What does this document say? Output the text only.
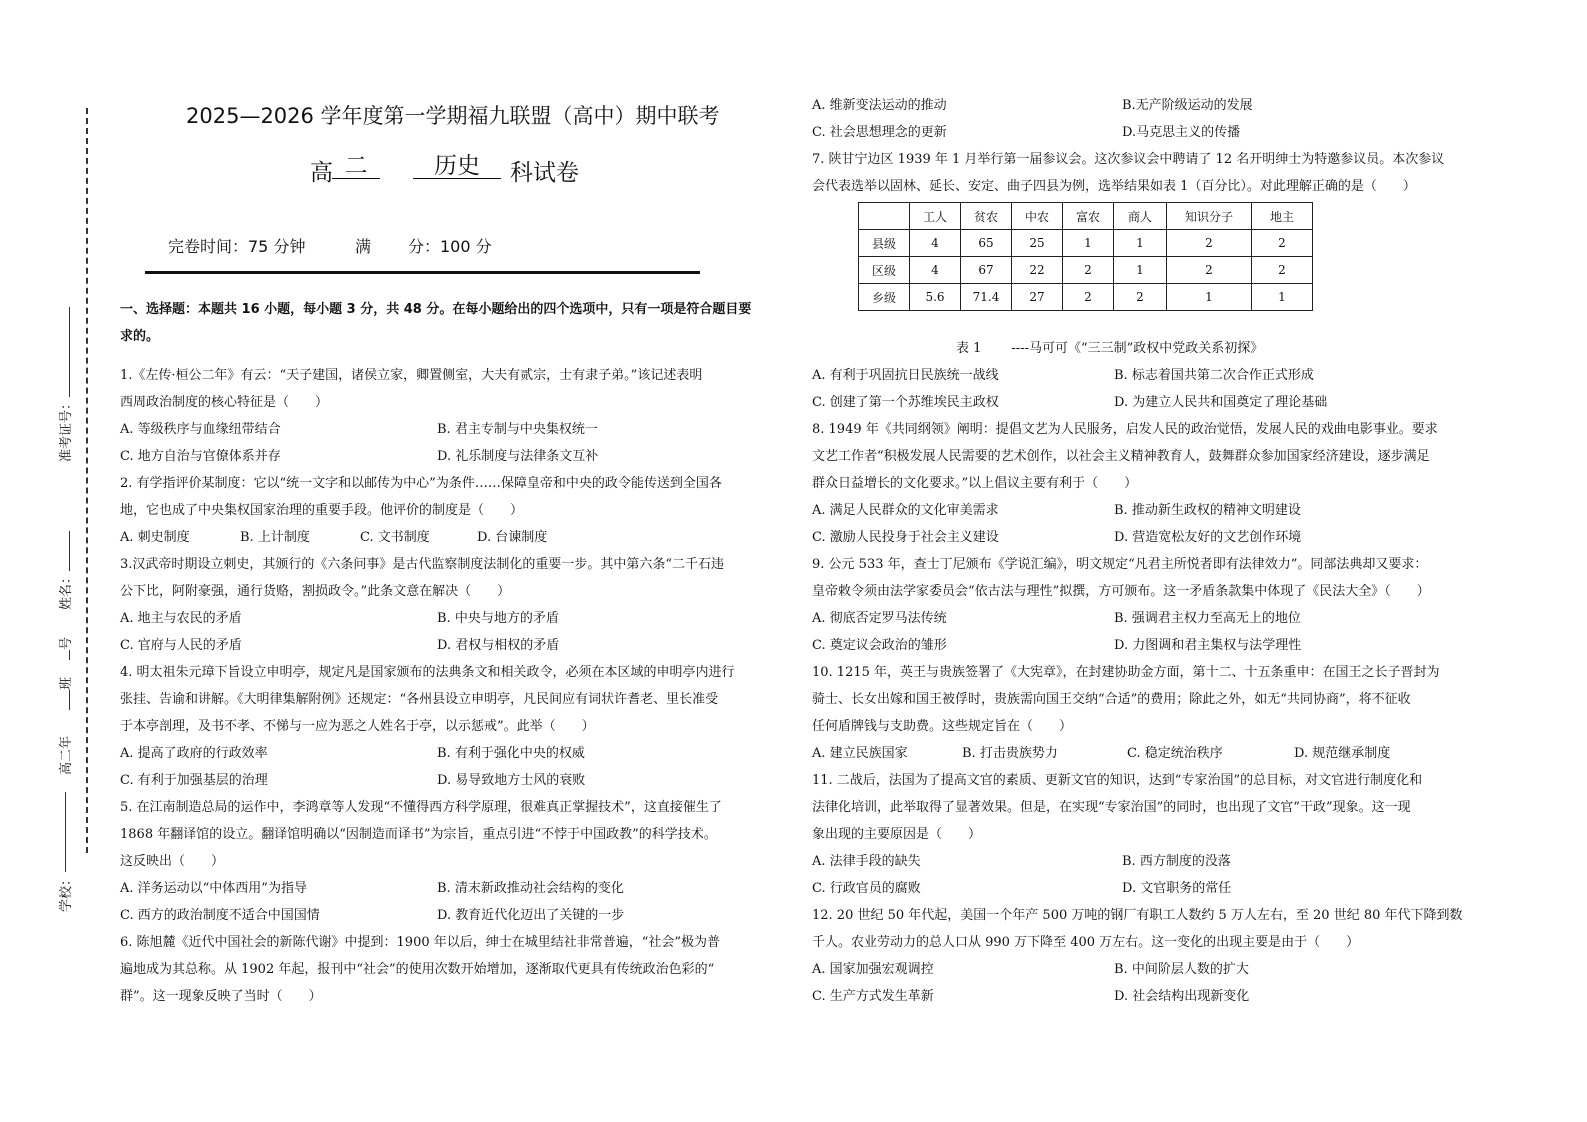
准考证号：
姓名：
号
班
高二年
学校：
2025—2026 学年度第一学期福九联盟（高中）期中联考
高 二	历史	科试卷
完卷时间：75 分钟	满 分：100 分
一、选择题：本题共 16 小题，每小题 3 分，共 48 分。在每小题给出的四个选项中，只有一项是符合题目要
求的。
1.《左传·桓公二年》有云：“天子建国，诸侯立家，卿置侧室，大夫有贰宗，士有隶子弟。”该记述表明
西周政治制度的核心特征是（　　）
A. 等级秩序与血缘纽带结合	B. 君主专制与中央集权统一
C. 地方自治与官僚体系并存	D. 礼乐制度与法律条文互补
2. 有学指评价某制度：它以“统一文字和以邮传为中心”为条件……保障皇帝和中央的政令能传送到全国各
地，它也成了中央集权国家治理的重要手段。他评价的制度是（　　）
A. 刺史制度	B. 上计制度	C. 文书制度	D. 台谏制度
3.汉武帝时期设立刺史，其颁行的《六条问事》是古代监察制度法制化的重要一步。其中第六条“二千石违
公下比，阿附豪强，通行货赂，割损政令。”此条文意在解决（　　）
A. 地主与农民的矛盾	B. 中央与地方的矛盾
C. 官府与人民的矛盾	D. 君权与相权的矛盾
4. 明太祖朱元璋下旨设立申明亭，规定凡是国家颁布的法典条文和相关政令，必须在本区域的申明亭内进行
张挂、告谕和讲解。《大明律集解附例》还规定：“各州县设立申明亭，凡民间应有词状许耆老、里长准受
于本亭剖理，及书不孝、不悌与一应为恶之人姓名于亭，以示惩戒”。此举（　　）
A. 提高了政府的行政效率	B. 有利于强化中央的权威
C. 有利于加强基层的治理	D. 易导致地方士风的衰败
5. 在江南制造总局的运作中，李鸿章等人发现“不懂得西方科学原理，很难真正掌握技术”，这直接催生了
1868 年翻译馆的设立。翻译馆明确以“因制造而译书”为宗旨，重点引进“不悖于中国政教”的科学技术。
这反映出（　　）
A. 洋务运动以“中体西用”为指导	B. 清末新政推动社会结构的变化
C. 西方的政治制度不适合中国国情	D. 教育近代化迈出了关键的一步
6. 陈旭麓《近代中国社会的新陈代谢》中提到：1900 年以后，绅士在城里结社非常普遍，“社会”极为普
遍地成为其总称。从 1902 年起，报刊中“社会”的使用次数开始增加，逐渐取代更具有传统政治色彩的“
群”。这一现象反映了当时（　　）
A. 维新变法运动的推动	B.无产阶级运动的发展
C. 社会思想理念的更新	D.马克思主义的传播
7. 陕甘宁边区 1939 年 1 月举行第一届参议会。这次参议会中聘请了 12 名开明绅士为特邀参议员。本次参议
会代表选举以固林、延长、安定、曲子四县为例，选举结果如表 1（百分比）。对此理解正确的是（　　）
	工人	贫农	中农	富农	商人	知识分子	地主
县级	4	65	25	1	1	2	2
区级	4	67	22	2	1	2	2
乡级	5.6	71.4	27	2	2	1	1
表 1 ----马可可《“三三制”政权中党政关系初探》
A. 有利于巩固抗日民族统一战线	B. 标志着国共第二次合作正式形成
C. 创建了第一个苏维埃民主政权	D. 为建立人民共和国奠定了理论基础
8. 1949 年《共同纲领》阐明：提倡文艺为人民服务，启发人民的政治觉悟，发展人民的戏曲电影事业。要求
文艺工作者“积极发展人民需要的艺术创作，以社会主义精神教育人，鼓舞群众参加国家经济建设，逐步满足
群众日益增长的文化要求。”以上倡议主要有利于（　　）
A. 满足人民群众的文化审美需求	B. 推动新生政权的精神文明建设
C. 激励人民投身于社会主义建设	D. 营造宽松友好的文艺创作环境
9. 公元 533 年，查士丁尼颁布《学说汇编》，明文规定“凡君主所悦者即有法律效力”。同部法典却又要求：
皇帝敕令须由法学家委员会“依古法与理性”拟撰，方可颁布。这一矛盾条款集中体现了《民法大全》（　　）
A. 彻底否定罗马法传统	B. 强调君主权力至高无上的地位
C. 奠定议会政治的雏形	D. 力图调和君主集权与法学理性
10. 1215 年，英王与贵族签署了《大宪章》，在封建协助金方面，第十二、十五条重申：在国王之长子晋封为
骑士、长女出嫁和国王被俘时，贵族需向国王交纳“合适”的费用；除此之外，如无“共同协商”，将不征收
任何盾牌钱与支助费。这些规定旨在（　　）
A. 建立民族国家	B. 打击贵族势力	C. 稳定统治秩序	D. 规范继承制度
11. 二战后，法国为了提高文官的素质、更新文官的知识，达到“专家治国”的总目标，对文官进行制度化和
法律化培训，此举取得了显著效果。但是，在实现“专家治国”的同时，也出现了文官“干政”现象。这一现
象出现的主要原因是（　　）
A. 法律手段的缺失	B. 西方制度的没落
C. 行政官员的腐败	D. 文官职务的常任
12. 20 世纪 50 年代起，美国一个年产 500 万吨的钢厂有职工人数约 5 万人左右，至 20 世纪 80 年代下降到数
千人。农业劳动力的总人口从 990 万下降至 400 万左右。这一变化的出现主要是由于（　　）
A. 国家加强宏观调控	B. 中间阶层人数的扩大
C. 生产方式发生革新	D. 社会结构出现新变化
